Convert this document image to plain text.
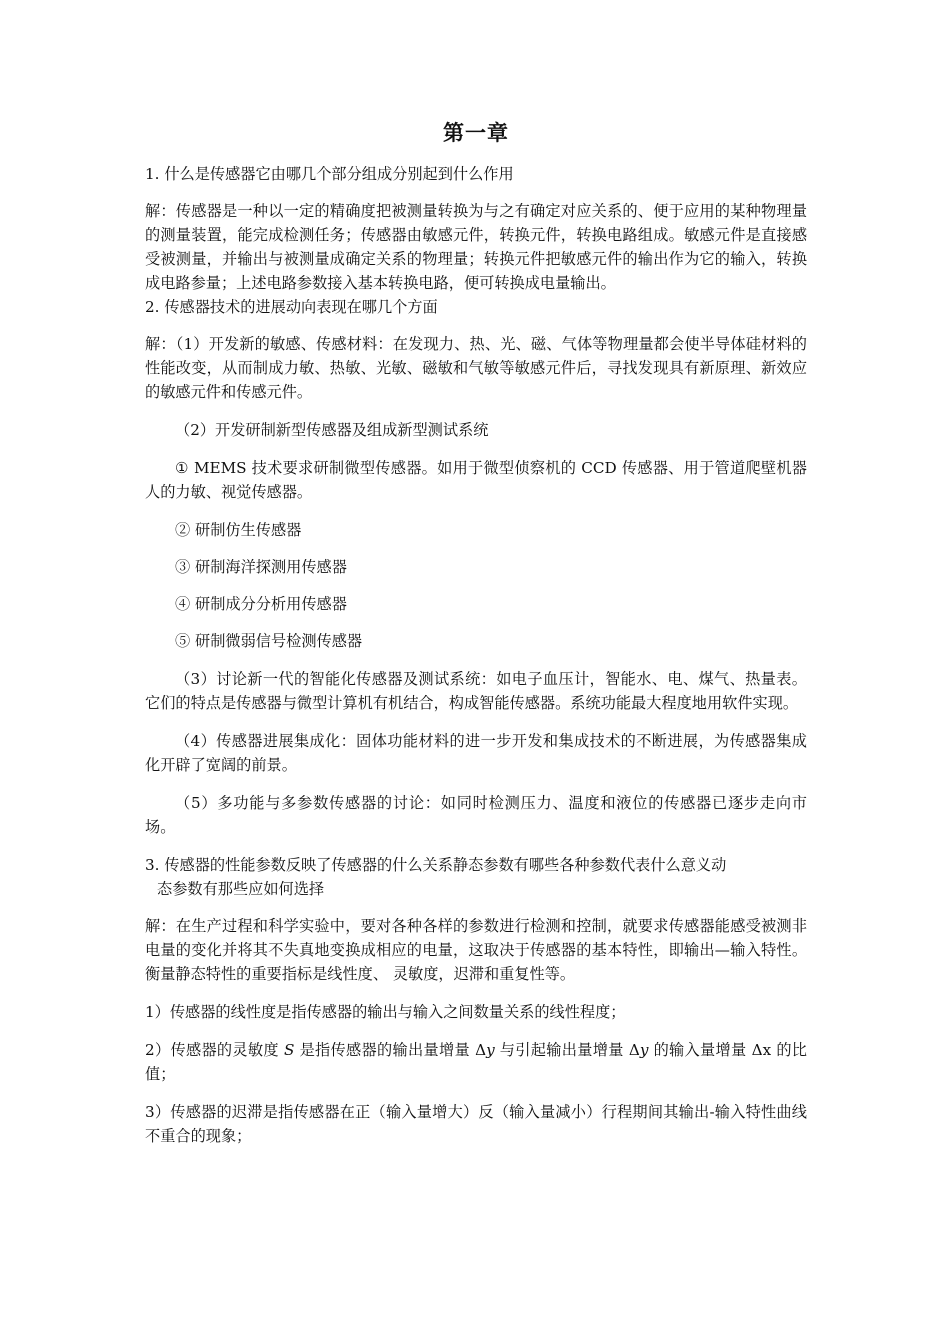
第一章

1. 什么是传感器它由哪几个部分组成分别起到什么作用

解：传感器是一种以一定的精确度把被测量转换为与之有确定对应关系的、便于应用的某种物理量的测量装置，能完成检测任务；传感器由敏感元件，转换元件，转换电路组成。敏感元件是直接感受被测量，并输出与被测量成确定关系的物理量；转换元件把敏感元件的输出作为它的输入，转换成电路参量；上述电路参数接入基本转换电路，便可转换成电量输出。

2. 传感器技术的进展动向表现在哪几个方面

解：（1）开发新的敏感、传感材料：在发现力、热、光、磁、气体等物理量都会使半导体硅材料的性能改变，从而制成力敏、热敏、光敏、磁敏和气敏等敏感元件后，寻找发现具有新原理、新效应的敏感元件和传感元件。

（2）开发研制新型传感器及组成新型测试系统

① MEMS 技术要求研制微型传感器。如用于微型侦察机的 CCD 传感器、用于管道爬壁机器人的力敏、视觉传感器。

② 研制仿生传感器

③ 研制海洋探测用传感器

④ 研制成分分析用传感器

⑤ 研制微弱信号检测传感器

（3）讨论新一代的智能化传感器及测试系统：如电子血压计，智能水、电、煤气、热量表。它们的特点是传感器与微型计算机有机结合，构成智能传感器。系统功能最大程度地用软件实现。

（4）传感器进展集成化：固体功能材料的进一步开发和集成技术的不断进展，为传感器集成化开辟了宽阔的前景。

（5）多功能与多参数传感器的讨论：如同时检测压力、温度和液位的传感器已逐步走向市场。

3. 传感器的性能参数反映了传感器的什么关系静态参数有哪些各种参数代表什么意义动
态参数有那些应如何选择

解：在生产过程和科学实验中，要对各种各样的参数进行检测和控制，就要求传感器能感受被测非电量的变化并将其不失真地变换成相应的电量，这取决于传感器的基本特性，即输出—输入特性。衡量静态特性的重要指标是线性度、 灵敏度，迟滞和重复性等。

1）传感器的线性度是指传感器的输出与输入之间数量关系的线性程度；

2）传感器的灵敏度 S 是指传感器的输出量增量 Δy 与引起输出量增量 Δy 的输入量增量 Δx 的比值；

3）传感器的迟滞是指传感器在正（输入量增大）反（输入量减小）行程期间其输出-输入特性曲线不重合的现象；
